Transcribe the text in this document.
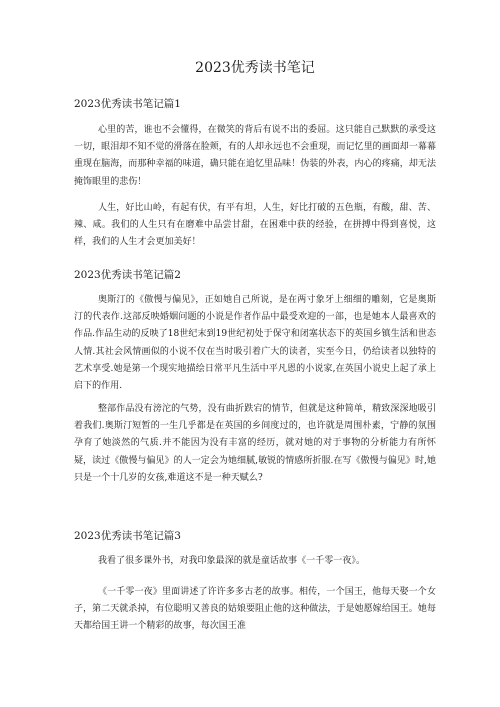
2023优秀读书笔记
2023优秀读书笔记篇1

心里的苦，谁也不会懂得，在微笑的背后有说不出的委屈。这只能自己默默的承受这一切，眼泪却不知不觉的滑落在脸颊，有的人却永远也不会重现，而记忆里的画面却一幕幕重现在脑海，而那种幸福的味道，确只能在追忆里品味！伪装的外表，内心的疼痛，却无法掩饰眼里的悲伤！

人生，好比山岭，有起有伏，有平有坦，人生，好比打破的五色瓶，有酸，甜、苦、辣、咸。我们的人生只有在磨难中品尝甘甜，在困难中获的经验，在拼搏中得到喜悦，这样，我们的人生才会更加美好！

2023优秀读书笔记篇2

奥斯汀的《傲慢与偏见》，正如她自己所说，是在两寸象牙上细细的雕刻，它是奥斯汀的代表作.这部反映婚姻问题的小说是作者作品中最受欢迎的一部，也是她本人最喜欢的作品.作品生动的反映了18世纪末到19世纪初处于保守和闭塞状态下的英国乡镇生活和世态人情.其社会风情画似的小说不仅在当时吸引着广大的读者，实至今日，仍给读者以独特的艺术享受.她是第一个现实地描绘日常平凡生活中平凡恩的小说家,在英国小说史上起了承上启下的作用.

整部作品没有滂沱的气势，没有曲折跌宕的情节，但就是这种简单，精致深深地吸引着我们.奥斯汀短暂的一生几乎都是在英国的乡间度过的，也许就是周围朴素，宁静的氛围孕育了她淡然的气质.并不能因为没有丰富的经历，就对她的对于事物的分析能力有所怀疑，读过《傲慢与偏见》的人一定会为她细腻,敏锐的情感所折服.在写《傲慢与偏见》时,她只是一个十几岁的女孩,难道这不是一种天赋么?

2023优秀读书笔记篇3

我看了很多课外书，对我印象最深的就是童话故事《一千零一夜》。

《一千零一夜》里面讲述了许许多多古老的故事。相传，一个国王，他每天娶一个女子，第二天就杀掉，有位聪明又善良的姑娘要阻止他的这种做法，于是她愿嫁给国王。她每天都给国王讲一个精彩的故事，每次国王准
